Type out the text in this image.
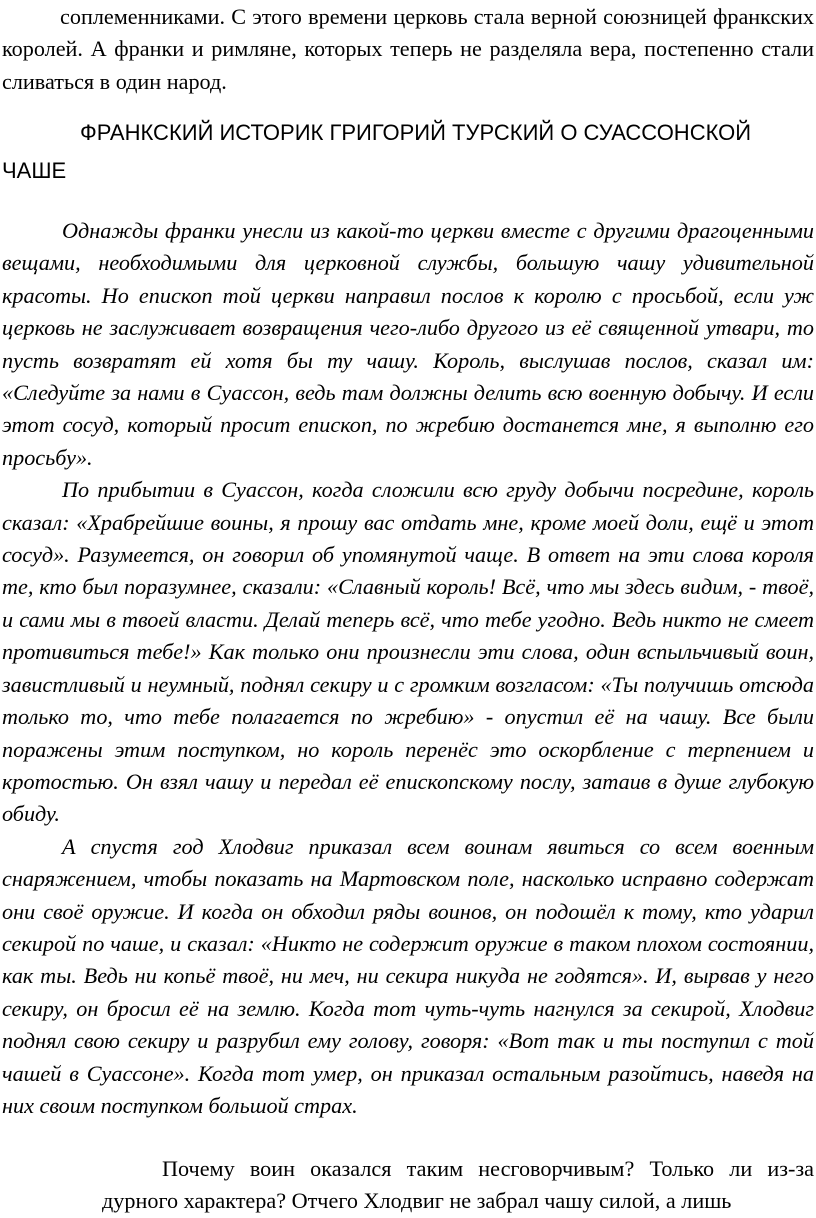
соплеменниками. С этого времени церковь стала верной союзницей франкских королей. А франки и римляне, которых теперь не разделяла вера, постепенно стали сливаться в один народ.

ФРАНКСКИЙ ИСТОРИК ГРИГОРИЙ ТУРСКИЙ О СУАССОНСКОЙ ЧАШЕ

Однажды франки унесли из какой-то церкви вместе с другими драгоценными вещами, необходимыми для церковной службы, большую чашу удивительной красоты. Но епископ той церкви направил послов к королю с просьбой, если уж церковь не заслуживает возвращения чего-либо другого из её священной утвари, то пусть возвратят ей хотя бы ту чашу. Король, выслушав послов, сказал им: «Следуйте за нами в Суассон, ведь там должны делить всю военную добычу. И если этот сосуд, который просит епископ, по жребию достанется мне, я выполню его просьбу».

По прибытии в Суассон, когда сложили всю груду добычи посредине, король сказал: «Храбрейшие воины, я прошу вас отдать мне, кроме моей доли, ещё и этот сосуд». Разумеется, он говорил об упомянутой чаще. В ответ на эти слова короля те, кто был поразумнее, сказали: «Славный король! Всё, что мы здесь видим, - твоё, и сами мы в твоей власти. Делай теперь всё, что тебе угодно. Ведь никто не смеет противиться тебе!» Как только они произнесли эти слова, один вспыльчивый воин, завистливый и неумный, поднял секиру и с громким возгласом: «Ты получишь отсюда только то, что тебе полагается по жребию» - опустил её на чашу. Все были поражены этим поступком, но король перенёс это оскорбление с терпением и кротостью. Он взял чашу и передал её епископскому послу, затаив в душе глубокую обиду.

А спустя год Хлодвиг приказал всем воинам явиться со всем военным снаряжением, чтобы показать на Мартовском поле, насколько исправно содержат они своё оружие. И когда он обходил ряды воинов, он подошёл к тому, кто ударил секирой по чаше, и сказал: «Никто не содержит оружие в таком плохом состоянии, как ты. Ведь ни копьё твоё, ни меч, ни секира никуда не годятся». И, вырвав у него секиру, он бросил её на землю. Когда тот чуть-чуть нагнулся за секирой, Хлодвиг поднял свою секиру и разрубил ему голову, говоря: «Вот так и ты поступил с той чашей в Суассоне». Когда тот умер, он приказал остальным разойтись, наведя на них своим поступком большой страх.

Почему воин оказался таким несговорчивым? Только ли из-за дурного характера? Отчего Хлодвиг не забрал чашу силой, а лишь
